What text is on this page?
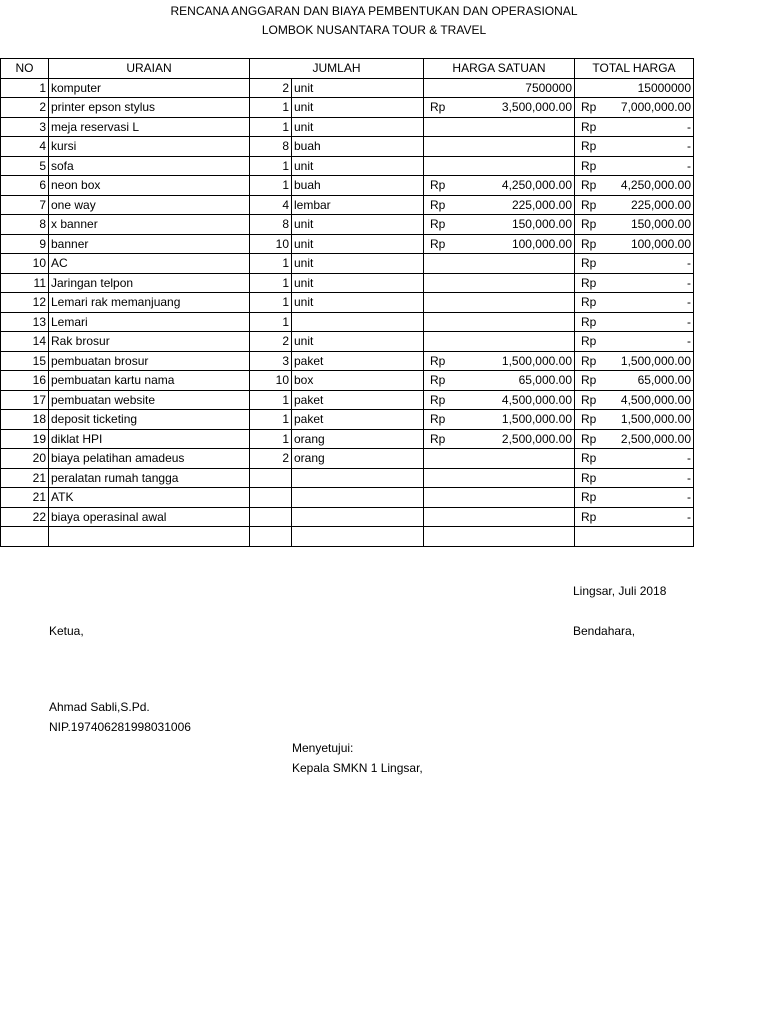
RENCANA ANGGARAN DAN BIAYA PEMBENTUKAN DAN OPERASIONAL
LOMBOK NUSANTARA TOUR & TRAVEL
NO	URAIAN	JUMLAH		HARGA SATUAN	TOTAL HARGA
1	komputer	2	unit	7500000	15000000
2	printer epson stylus	1	unit	Rp 3,500,000.00	Rp 7,000,000.00

3	meja reservasi L	1	unit		Rp -

4	kursi	8	buah		Rp -

5	sofa	1	unit		Rp -

6	neon box	1	buah	Rp 4,250,000.00	Rp 4,250,000.00

7	one way	4	lembar	Rp 225,000.00	Rp 225,000.00

8	x banner	8	unit	Rp 150,000.00	Rp 150,000.00

9	banner	10	unit	Rp 100,000.00	Rp 100,000.00

10	AC	1	unit		Rp -

11	Jaringan telpon	1	unit		Rp -

12	Lemari rak memanjuang	1	unit		Rp -

13	Lemari	1			Rp -

14	Rak brosur	2	unit		Rp -

15	pembuatan brosur	3	paket	Rp 1,500,000.00	Rp 1,500,000.00

16	pembuatan kartu nama	10	box	Rp 65,000.00	Rp 65,000.00

17	pembuatan website	1	paket	Rp 4,500,000.00	Rp 4,500,000.00

18	deposit ticketing	1	paket	Rp 1,500,000.00	Rp 1,500,000.00

19	diklat HPI	1	orang	Rp 2,500,000.00	Rp 2,500,000.00

20	biaya pelatihan amadeus	2	orang		Rp -

21	peralatan rumah tangga				Rp -

21	ATK				Rp -

22	biaya operasinal awal				Rp -

Lingsar, Juli 2018
Ketua,	Bendahara,
Ahmad Sabli,S.Pd.
NIP.197406281998031006
Menyetujui:
Kepala SMKN 1 Lingsar,
